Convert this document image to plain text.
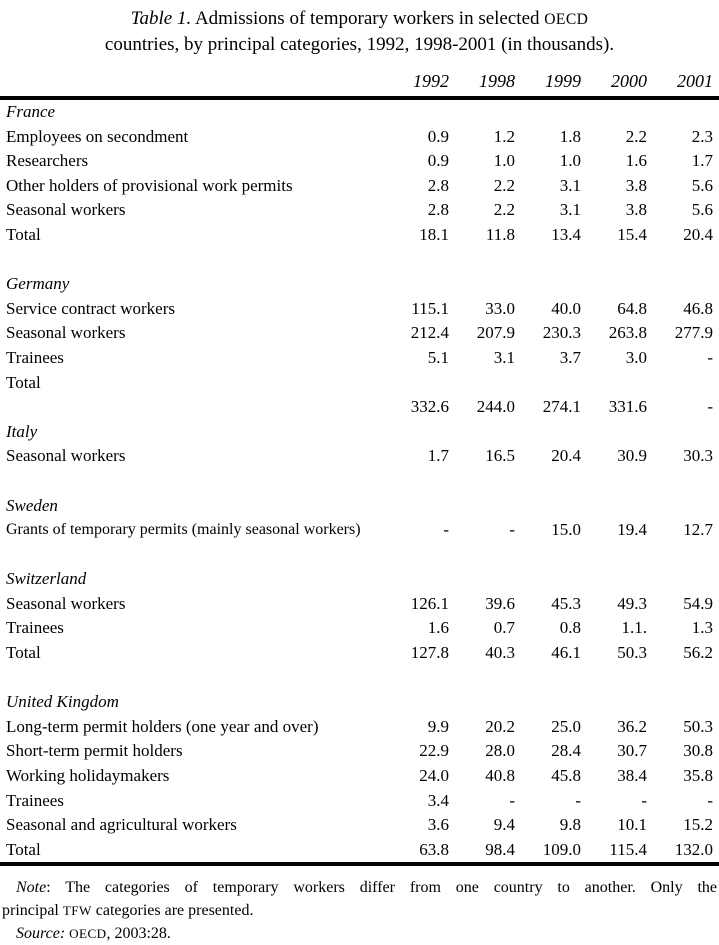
Table 1. Admissions of temporary workers in selected OECD
countries, by principal categories, 1992, 1998-2001 (in thousands).
1992	1998	1999	2000	2001
France
Employees on secondment	0.9	1.2	1.8	2.2	2.3
Researchers	0.9	1.0	1.0	1.6	1.7
Other holders of provisional work permits	2.8	2.2	3.1	3.8	5.6
Seasonal workers	2.8	2.2	3.1	3.8	5.6
Total	18.1	11.8	13.4	15.4	20.4
Germany
Service contract workers	115.1	33.0	40.0	64.8	46.8
Seasonal workers	212.4	207.9	230.3	263.8	277.9
Trainees	5.1	3.1	3.7	3.0	-
Total
332.6	244.0	274.1	331.6	-
Italy
Seasonal workers	1.7	16.5	20.4	30.9	30.3
Sweden
Grants of temporary permits (mainly seasonal workers)	-	-	15.0	19.4	12.7
Switzerland
Seasonal workers	126.1	39.6	45.3	49.3	54.9
Trainees	1.6	0.7	0.8	1.1.	1.3
Total	127.8	40.3	46.1	50.3	56.2
United Kingdom
Long-term permit holders (one year and over)	9.9	20.2	25.0	36.2	50.3
Short-term permit holders	22.9	28.0	28.4	30.7	30.8
Working holidaymakers	24.0	40.8	45.8	38.4	35.8
Trainees	3.4	-	-	-	-
Seasonal and agricultural workers	3.6	9.4	9.8	10.1	15.2
Total	63.8	98.4	109.0	115.4	132.0
Note: The categories of temporary workers differ from one country to another. Only the
principal TFW categories are presented.

Source: OECD, 2003:28.
